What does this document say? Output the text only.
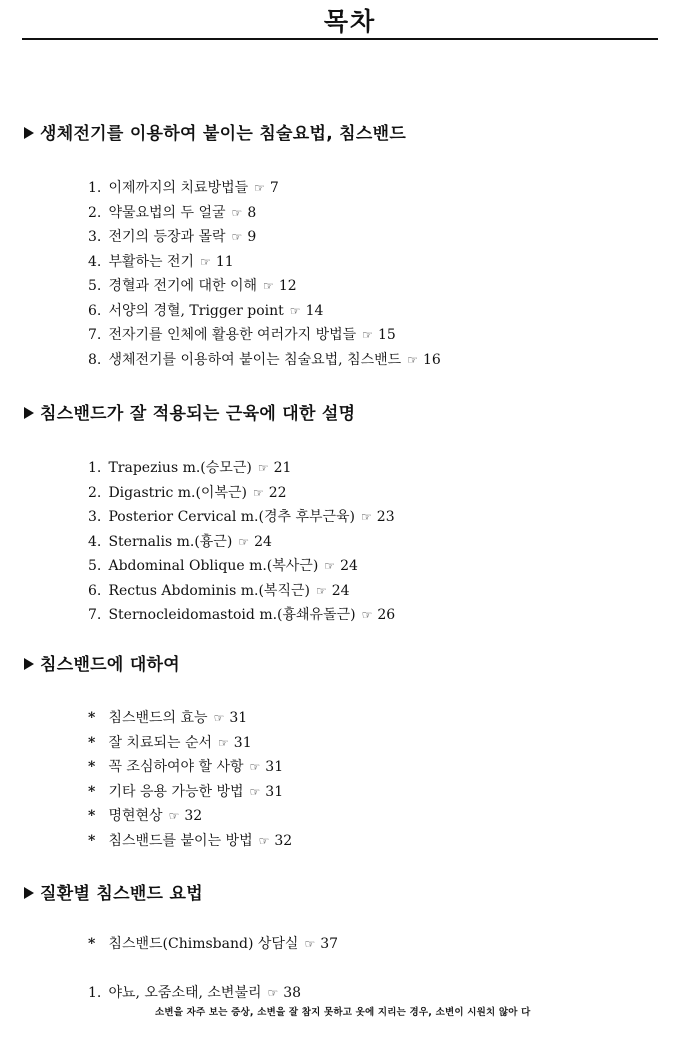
목차
생체전기를 이용하여 붙이는 침술요법, 침스밴드
1. 이제까지의 치료방법들 ☞ 7
2. 약물요법의 두 얼굴 ☞ 8
3. 전기의 등장과 몰락 ☞ 9
4. 부활하는 전기 ☞ 11
5. 경혈과 전기에 대한 이해 ☞ 12
6. 서양의 경혈, Trigger point ☞ 14
7. 전자기를 인체에 활용한 여러가지 방법들 ☞ 15
8. 생체전기를 이용하여 붙이는 침술요법, 침스밴드 ☞ 16
침스밴드가 잘 적용되는 근육에 대한 설명
1. Trapezius m.(승모근) ☞ 21
2. Digastric m.(이복근) ☞ 22
3. Posterior Cervical m.(경추 후부근육) ☞ 23
4. Sternalis m.(흉근) ☞ 24
5. Abdominal Oblique m.(복사근) ☞ 24
6. Rectus Abdominis m.(복직근) ☞ 24
7. Sternocleidomastoid m.(흉쇄유돌근) ☞ 26
침스밴드에 대하여
* 침스밴드의 효능 ☞ 31
* 잘 치료되는 순서 ☞ 31
* 꼭 조심하여야 할 사항 ☞ 31
* 기타 응용 가능한 방법 ☞ 31
* 명현현상 ☞ 32
* 침스밴드를 붙이는 방법 ☞ 32
질환별 침스밴드 요법
* 침스밴드(Chimsband) 상담실 ☞ 37
1. 야뇨, 오줌소태, 소변불리 ☞ 38
소변을 자주 보는 증상, 소변을 잘 참지 못하고 옷에 지리는 경우, 소변이 시원치 않아 다
